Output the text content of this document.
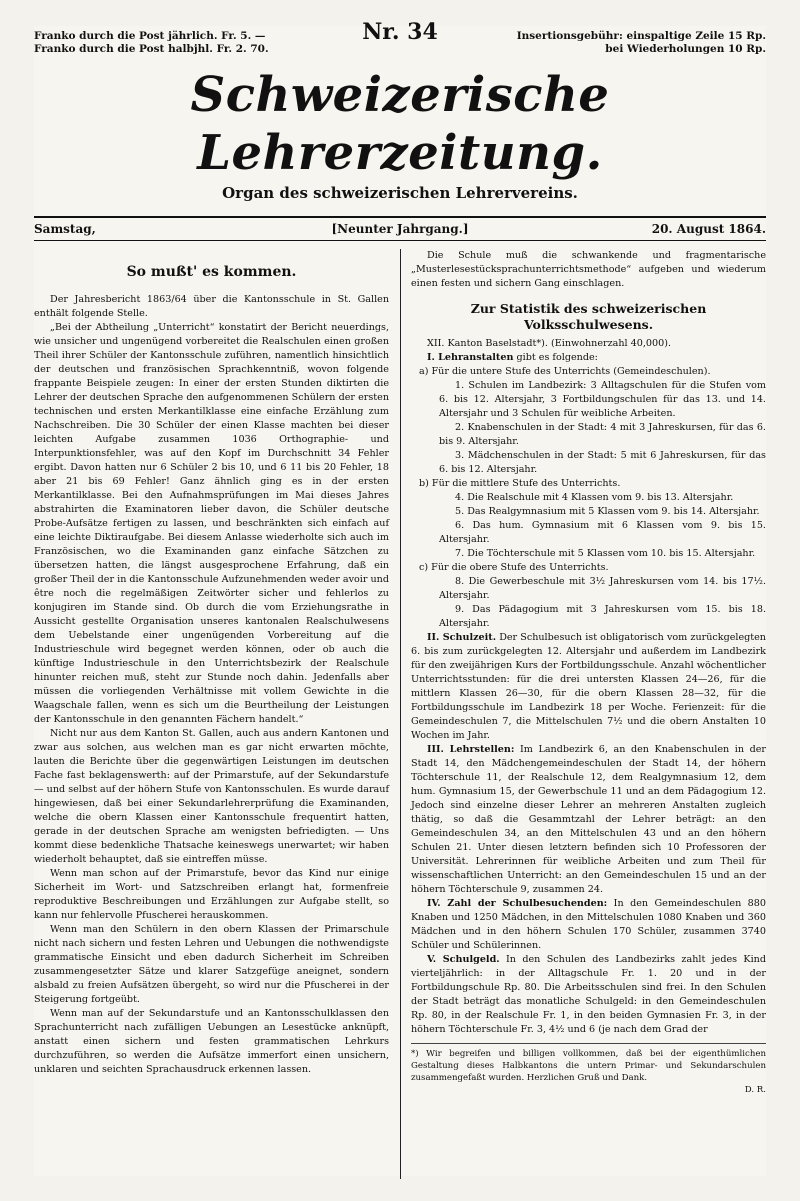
Franko durch die Post jährlich. Fr. 5. —
Franko durch die Post halbjhl. Fr. 2. 70.
Nr. 34	Insertionsgebühr: einspaltige Zeile 15 Rp.
bei Wiederholungen 10 Rp.
Schweizerische Lehrerzeitung.
Organ des schweizerischen Lehrervereins.
Samstag,	[Neunter Jahrgang.]	20. August 1864.
So mußt' es kommen.

Der Jahresbericht 1863/64 über die Kantonsschule in St. Gallen enthält folgende Stelle.

„Bei der Abtheilung „Unterricht“ konstatirt der Bericht neuerdings, wie unsicher und ungenügend vorbereitet die Realschulen einen großen Theil ihrer Schüler der Kantonsschule zuführen, namentlich hinsichtlich der deutschen und französischen Sprachkenntniß, wovon folgende frappante Beispiele zeugen: In einer der ersten Stunden diktirten die Lehrer der deutschen Sprache den aufgenommenen Schülern der ersten technischen und ersten Merkantilklasse eine einfache Erzählung zum Nachschreiben. Die 30 Schüler der einen Klasse machten bei dieser leichten Aufgabe zusammen 1036 Orthographie- und Interpunktionsfehler, was auf den Kopf im Durchschnitt 34 Fehler ergibt. Davon hatten nur 6 Schüler 2 bis 10, und 6 11 bis 20 Fehler, 18 aber 21 bis 69 Fehler! Ganz ähnlich ging es in der ersten Merkantilklasse. Bei den Aufnahmsprüfungen im Mai dieses Jahres abstrahirten die Examinatoren lieber davon, die Schüler deutsche Probe-Aufsätze fertigen zu lassen, und beschränkten sich einfach auf eine leichte Diktiraufgabe. Bei diesem Anlasse wiederholte sich auch im Französischen, wo die Examinanden ganz einfache Sätzchen zu übersetzen hatten, die längst ausgesprochene Erfahrung, daß ein großer Theil der in die Kantonsschule Aufzunehmenden weder avoir und être noch die regelmäßigen Zeitwörter sicher und fehlerlos zu konjugiren im Stande sind. Ob durch die vom Erziehungsrathe in Aussicht gestellte Organisation unseres kantonalen Realschulwesens dem Uebelstande einer ungenügenden Vorbereitung auf die Industrieschule wird begegnet werden können, oder ob auch die künftige Industrieschule in den Unterrichtsbezirk der Realschule hinunter reichen muß, steht zur Stunde noch dahin. Jedenfalls aber müssen die vorliegenden Verhältnisse mit vollem Gewichte in die Waagschale fallen, wenn es sich um die Beurtheilung der Leistungen der Kantonsschule in den genannten Fächern handelt.“

Nicht nur aus dem Kanton St. Gallen, auch aus andern Kantonen und zwar aus solchen, aus welchen man es gar nicht erwarten möchte, lauten die Berichte über die gegenwärtigen Leistungen im deutschen Fache fast beklagenswerth: auf der Primarstufe, auf der Sekundarstufe — und selbst auf der höhern Stufe von Kantonsschulen. Es wurde darauf hingewiesen, daß bei einer Sekundarlehrerprüfung die Examinanden, welche die obern Klassen einer Kantonsschule frequentirt hatten, gerade in der deutschen Sprache am wenigsten befriedigten. — Uns kommt diese bedenkliche Thatsache keineswegs unerwartet; wir haben wiederholt behauptet, daß sie eintreffen müsse.

Wenn man schon auf der Primarstufe, bevor das Kind nur einige Sicherheit im Wort- und Satzschreiben erlangt hat, formenfreie reproduktive Beschreibungen und Erzählungen zur Aufgabe stellt, so kann nur fehlervolle Pfuscherei herauskommen.

Wenn man den Schülern in den obern Klassen der Primarschule nicht nach sichern und festen Lehren und Uebungen die nothwendigste grammatische Einsicht und eben dadurch Sicherheit im Schreiben zusammengesetzter Sätze und klarer Satzgefüge aneignet, sondern alsbald zu freien Aufsätzen übergeht, so wird nur die Pfuscherei in der Steigerung fortgeübt.

Wenn man auf der Sekundarstufe und an Kantonsschulklassen den Sprachunterricht nach zufälligen Uebungen an Lesestücke anknüpft, anstatt einen sichern und festen grammatischen Lehrkurs durchzuführen, so werden die Aufsätze immerfort einen unsichern, unklaren und seichten Sprachausdruck erkennen lassen.

Die Schule muß die schwankende und fragmentarische „Musterlesestücksprachunterrichtsmethode“ aufgeben und wiederum einen festen und sichern Gang einschlagen.

Zur Statistik des schweizerischen
Volksschulwesens.

XII. Kanton Baselstadt*). (Einwohnerzahl 40,000).

I. Lehranstalten gibt es folgende:

a) Für die untere Stufe des Unterrichts (Gemeindeschulen).

1. Schulen im Landbezirk: 3 Alltagschulen für die Stufen vom 6. bis 12. Altersjahr, 3 Fortbildungschulen für das 13. und 14. Altersjahr und 3 Schulen für weibliche Arbeiten.

2. Knabenschulen in der Stadt: 4 mit 3 Jahreskursen, für das 6. bis 9. Altersjahr.

3. Mädchenschulen in der Stadt: 5 mit 6 Jahreskursen, für das 6. bis 12. Altersjahr.

b) Für die mittlere Stufe des Unterrichts.

4. Die Realschule mit 4 Klassen vom 9. bis 13. Altersjahr.

5. Das Realgymnasium mit 5 Klassen vom 9. bis 14. Altersjahr.

6. Das hum. Gymnasium mit 6 Klassen vom 9. bis 15. Altersjahr.

7. Die Töchterschule mit 5 Klassen vom 10. bis 15. Altersjahr.

c) Für die obere Stufe des Unterrichts.

8. Die Gewerbeschule mit 3½ Jahreskursen vom 14. bis 17½. Altersjahr.

9. Das Pädagogium mit 3 Jahreskursen vom 15. bis 18. Altersjahr.

II. Schulzeit. Der Schulbesuch ist obligatorisch vom zurückgelegten 6. bis zum zurückgelegten 12. Altersjahr und außerdem im Landbezirk für den zweijährigen Kurs der Fortbildungsschule. Anzahl wöchentlicher Unterrichtsstunden: für die drei untersten Klassen 24—26, für die mittlern Klassen 26—30, für die obern Klassen 28—32, für die Fortbildungsschule im Landbezirk 18 per Woche. Ferienzeit: für die Gemeindeschulen 7, die Mittelschulen 7½ und die obern Anstalten 10 Wochen im Jahr.

III. Lehrstellen: Im Landbezirk 6, an den Knabenschulen in der Stadt 14, den Mädchengemeindeschulen der Stadt 14, der höhern Töchterschule 11, der Realschule 12, dem Realgymnasium 12, dem hum. Gymnasium 15, der Gewerbschule 11 und an dem Pädagogium 12. Jedoch sind einzelne dieser Lehrer an mehreren Anstalten zugleich thätig, so daß die Gesammtzahl der Lehrer beträgt: an den Gemeindeschulen 34, an den Mittelschulen 43 und an den höhern Schulen 21. Unter diesen letztern befinden sich 10 Professoren der Universität. Lehrerinnen für weibliche Arbeiten und zum Theil für wissenschaftlichen Unterricht: an den Gemeindeschulen 15 und an der höhern Töchterschule 9, zusammen 24.

IV. Zahl der Schulbesuchenden: In den Gemeindeschulen 880 Knaben und 1250 Mädchen, in den Mittelschulen 1080 Knaben und 360 Mädchen und in den höhern Schulen 170 Schüler, zusammen 3740 Schüler und Schülerinnen.

V. Schulgeld. In den Schulen des Landbezirks zahlt jedes Kind vierteljährlich: in der Alltagschule Fr. 1. 20 und in der Fortbildungschule Rp. 80. Die Arbeitsschulen sind frei. In den Schulen der Stadt beträgt das monatliche Schulgeld: in den Gemeindeschulen Rp. 80, in der Realschule Fr. 1, in den beiden Gymnasien Fr. 3, in der höhern Töchterschule Fr. 3, 4½ und 6 (je nach dem Grad der

*) Wir begreifen und billigen vollkommen, daß bei der eigenthümlichen Gestaltung dieses Halbkantons die untern Primar- und Sekundarschulen zusammengefaßt wurden. Herzlichen Gruß und Dank.
D. R.
